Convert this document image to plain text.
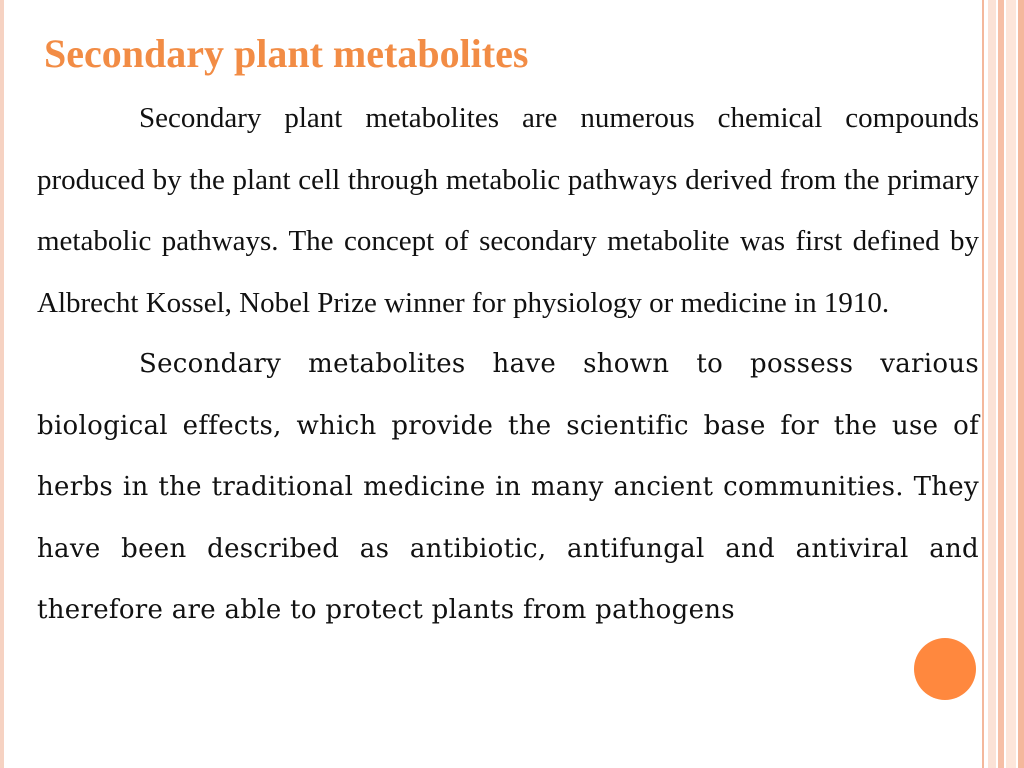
Secondary plant metabolites

Secondary plant metabolites are numerous chemical compounds produced by the plant cell through metabolic pathways derived from the primary metabolic pathways. The concept of secondary metabolite was first defined by Albrecht Kossel, Nobel Prize winner for physiology or medicine in 1910.

Secondary metabolites have shown to possess various biological effects, which provide the scientific base for the use of herbs in the traditional medicine in many ancient communities. They have been described as antibiotic, antifungal and antiviral and therefore are able to protect plants from pathogens
